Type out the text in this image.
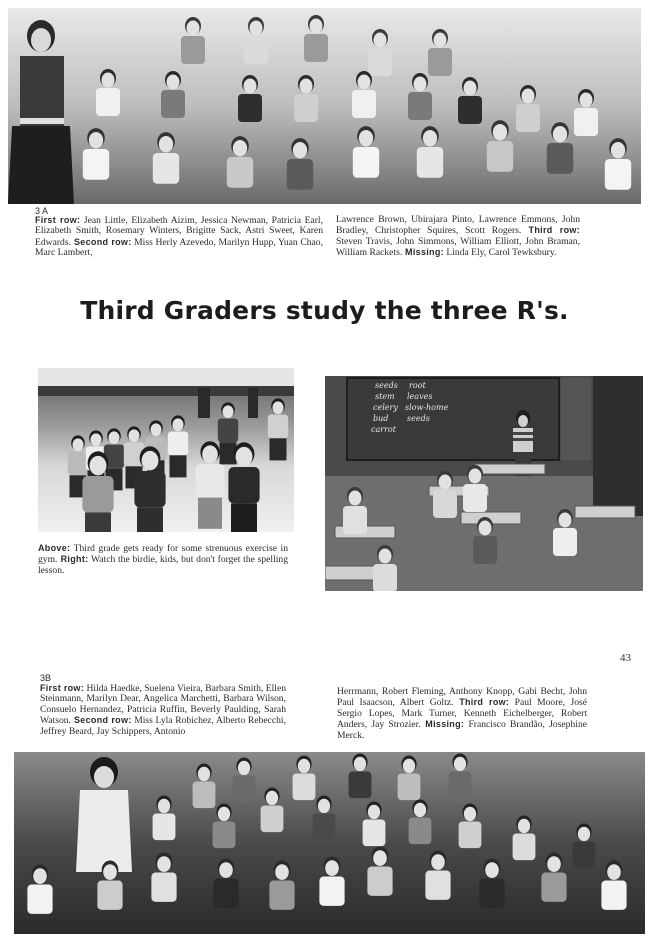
3 A
First row: Jean Little, Elizabeth Aizim, Jessica Newman, Patricia Earl, Elizabeth Smith, Rosemary Winters, Brigitte Sack, Astri Sweet, Karen Edwards. Second row: Miss Herly Azevedo, Marilyn Hupp, Yuan Chao, Marc Lambert,
Lawrence Brown, Ubirajara Pinto, Lawrence Emmons, John Bradley, Christopher Squires, Scott Rogers. Third row: Steven Travis, John Simmons, William Elliott, John Braman, William Rackets. Missing: Linda Ely, Carol Tewksbury.
Third Graders study the three R's.
Above: Third grade gets ready for some strenuous exercise in gym. Right: Watch the birdie, kids, but don't forget the spelling lesson.
seeds root
stem leaves
celery slow-home
bud seeds
carrot
43
3B
First row: Hilda Haedke, Suelena Vieira, Barbara Smith, Ellen Steinmann, Marilyn Dear, Angelica Marchetti, Barbara Wilson, Consuelo Hernandez, Patricia Ruffin, Beverly Paulding, Sarah Watson. Second row: Miss Lyla Robichez, Alberto Rebecchi, Jeffrey Beard, Jay Schippers, Antonio
Herrmann, Robert Fleming, Anthony Knopp, Gabi Becht, John Paul Isaacson, Albert Goltz. Third row: Paul Moore, José Sergio Lopes, Mark Turner, Kenneth Eichelberger, Robert Anders, Jay Strozier. Missing: Francisco Brandão, Josephine Merck.
